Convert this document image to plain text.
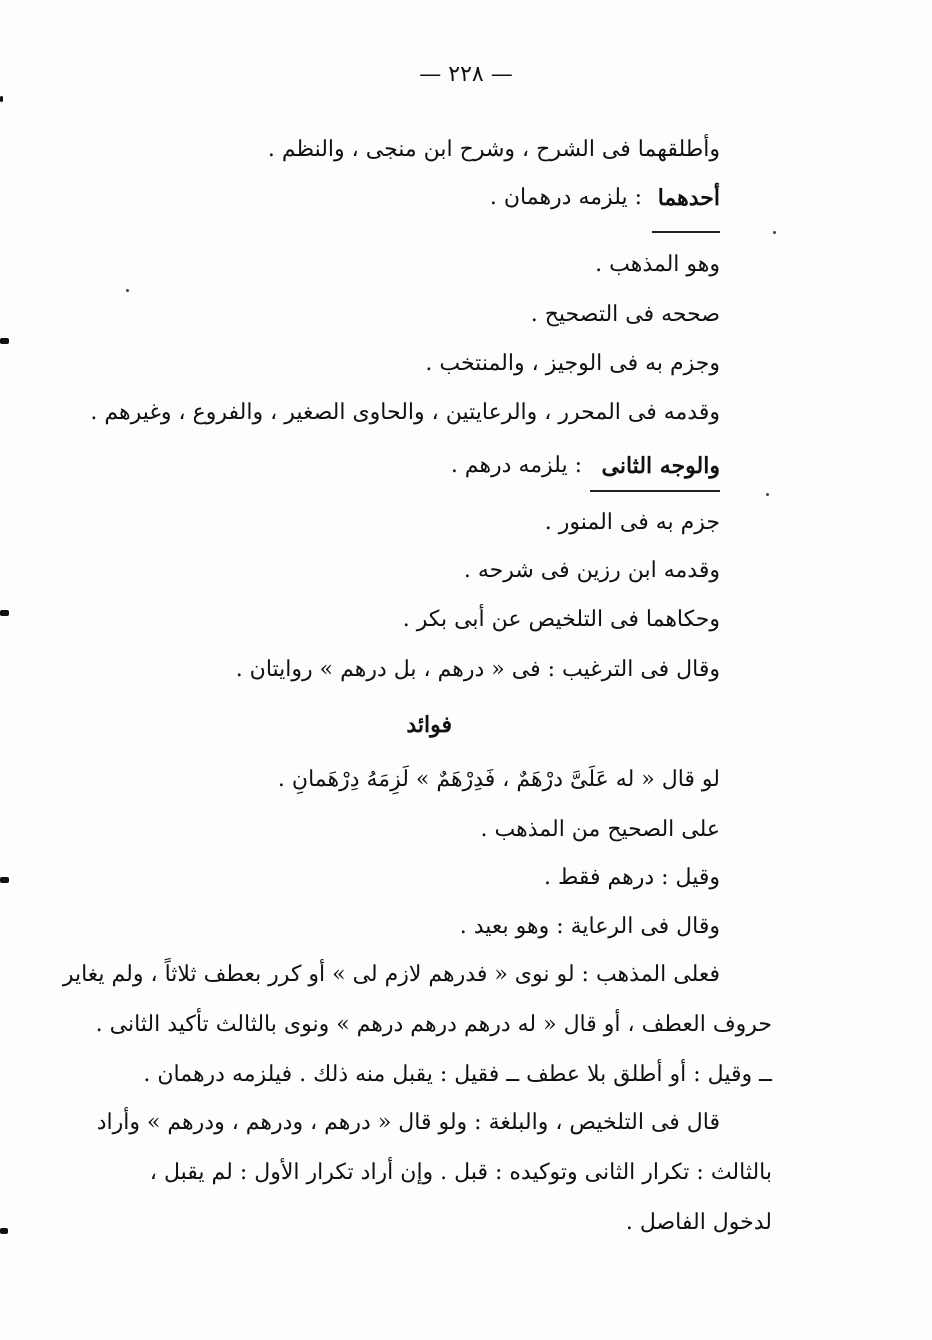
— ٢٢٨ —
وأطلقهما فى الشرح ، وشرح ابن منجى ، والنظم .
أحدهما
: يلزمه درهمان .
وهو المذهب .
صححه فى التصحيح .
وجزم به فى الوجيز ، والمنتخب .
وقدمه فى المحرر ، والرعايتين ، والحاوى الصغير ، والفروع ، وغيرهم .
والوجه الثانى
: يلزمه درهم .
جزم به فى المنور .
وقدمه ابن رزين فى شرحه .
وحكاهما فى التلخيص عن أبى بكر .
وقال فى الترغيب : فى « درهم ، بل درهم » روايتان .
فوائد
لو قال « له عَلَىَّ درْهَمٌ ، فَدِرْهَمٌ » لَزِمَهُ دِرْهَمانِ .
على الصحيح من المذهب .
وقيل : درهم فقط .
وقال فى الرعاية : وهو بعيد .
فعلى المذهب : لو نوى « فدرهم لازم لى » أو كرر بعطف ثلاثاً ، ولم يغاير
حروف العطف ، أو قال « له درهم درهم درهم » ونوى بالثالث تأكيد الثانى .
ــ وقيل : أو أطلق بلا عطف ــ فقيل : يقبل منه ذلك . فيلزمه درهمان .
قال فى التلخيص ، والبلغة : ولو قال « درهم ، ودرهم ، ودرهم » وأراد
بالثالث : تكرار الثانى وتوكيده : قبل . وإن أراد تكرار الأول : لم يقبل ،
لدخول الفاصل .
